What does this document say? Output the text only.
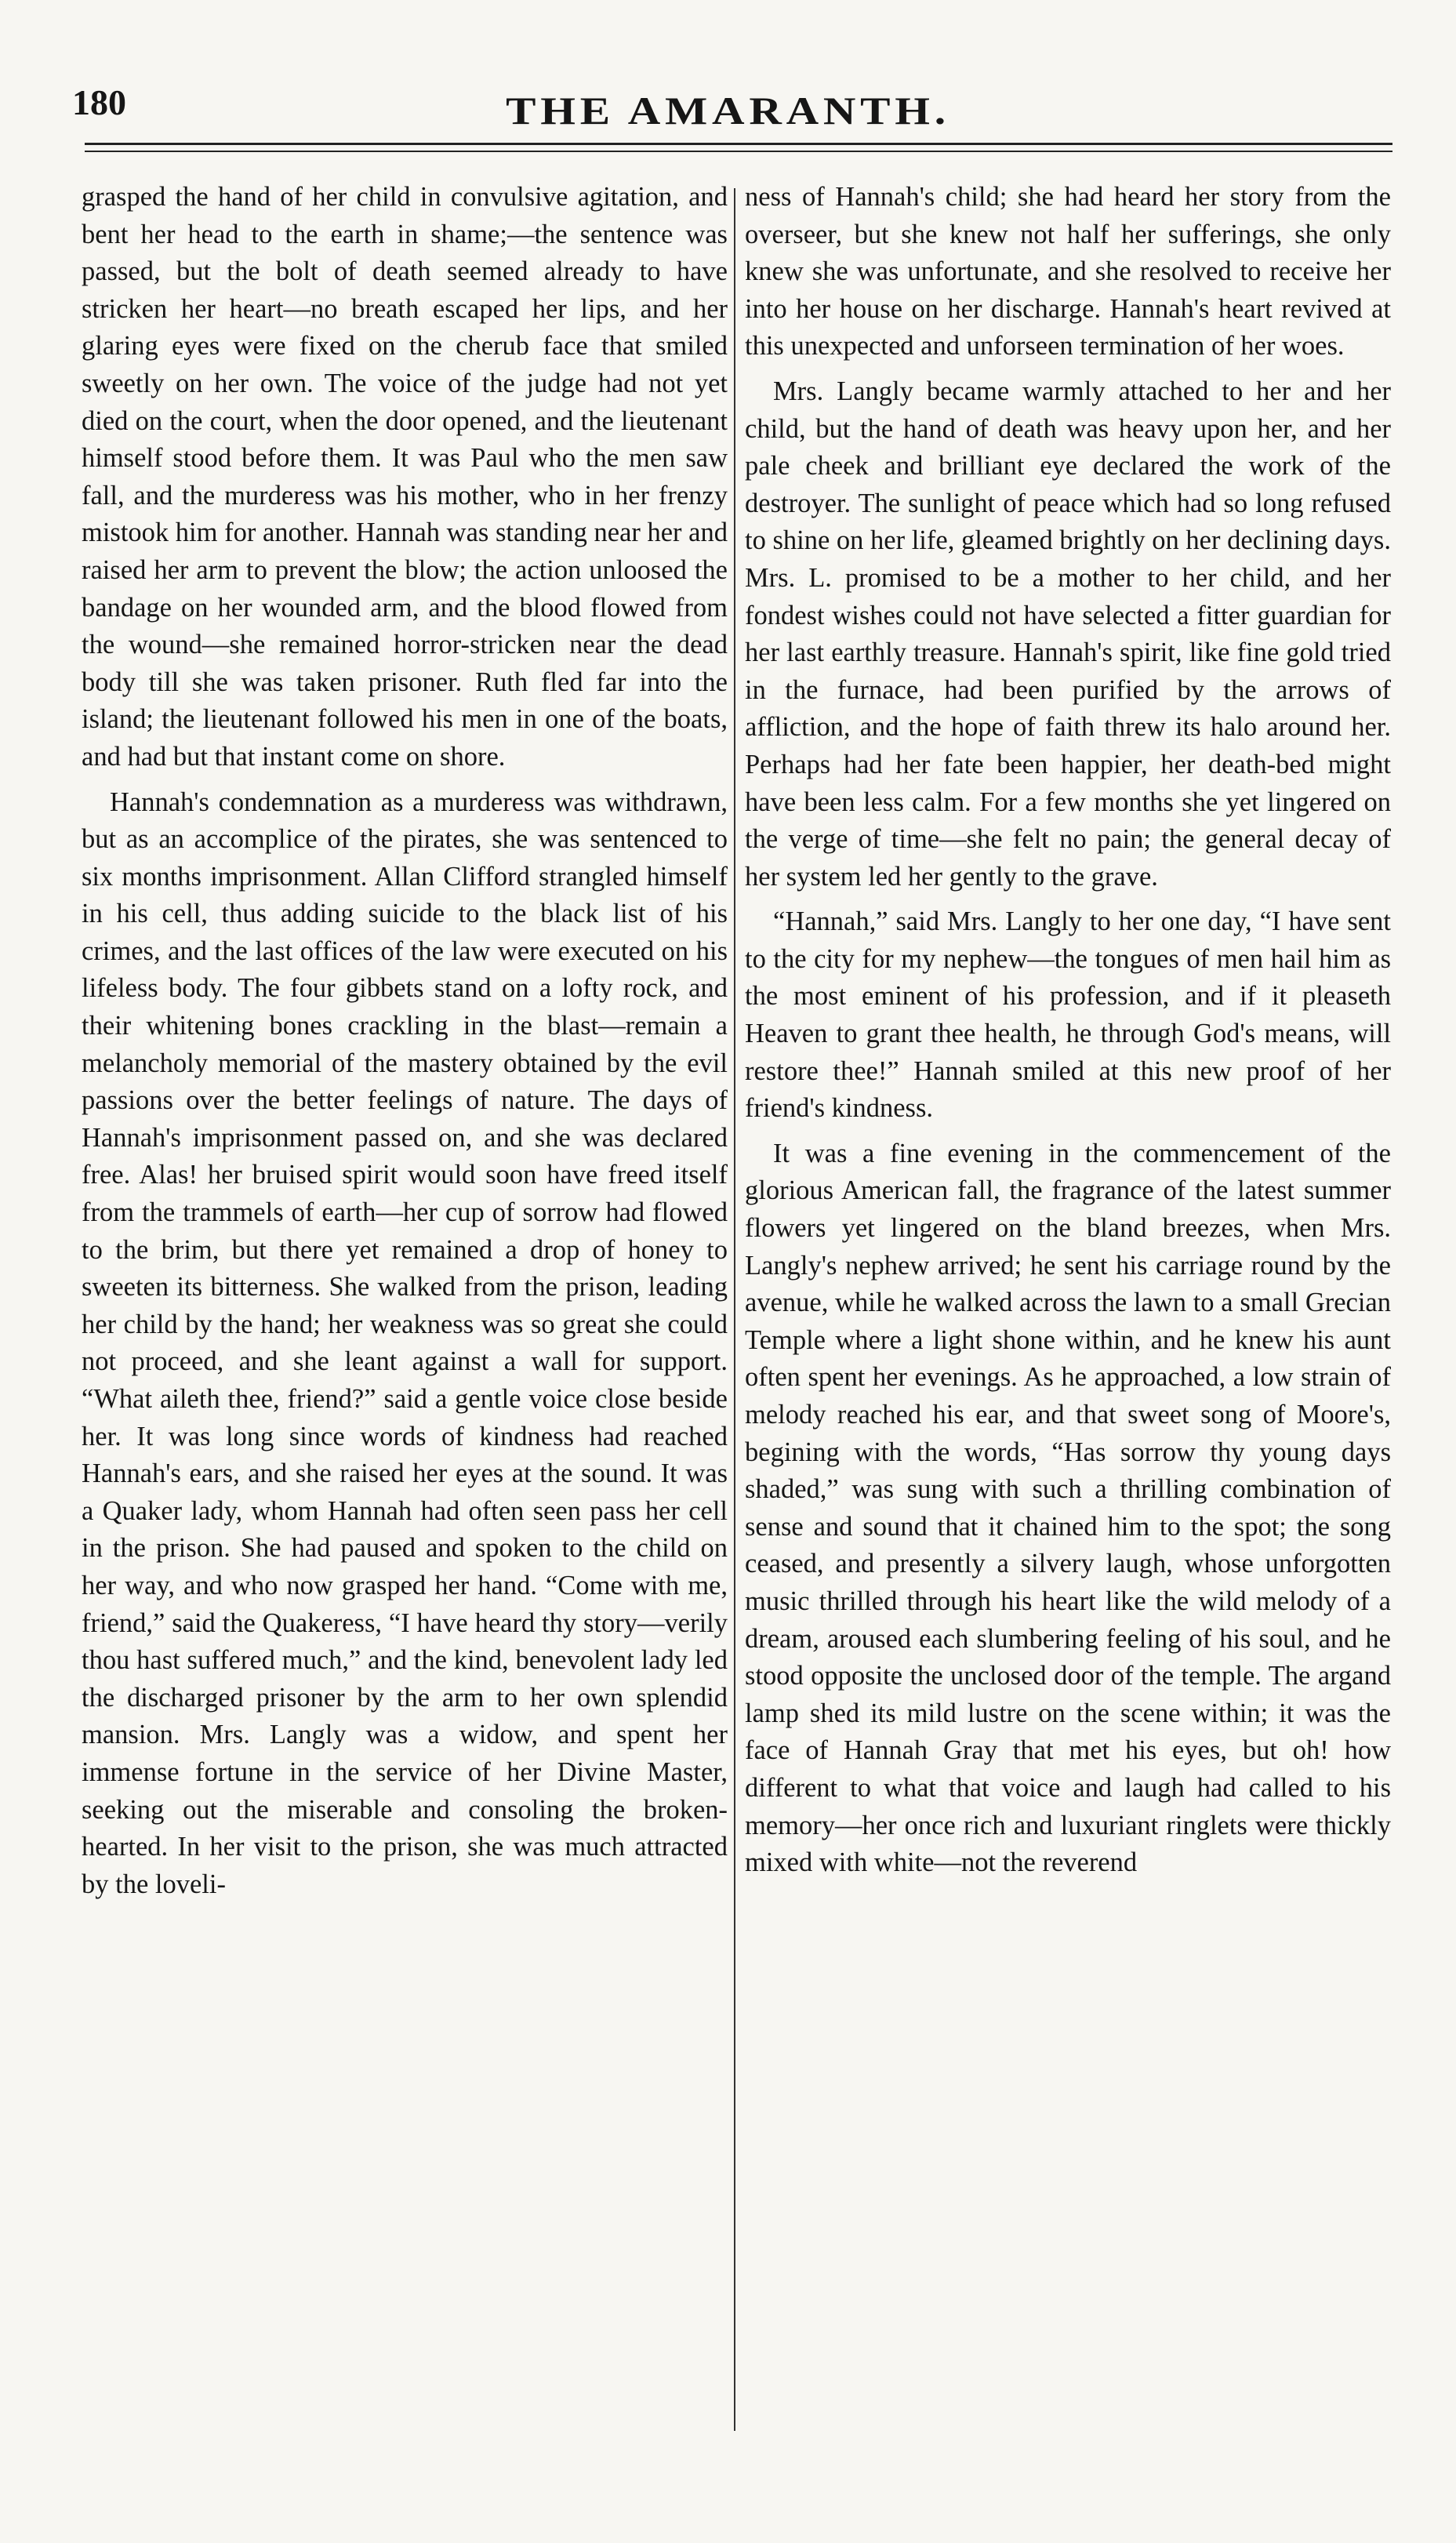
180	THE AMARANTH.

grasped the hand of her child in convulsive agitation, and bent her head to the earth in shame;—the sentence was passed, but the bolt of death seemed already to have stricken her heart—no breath escaped her lips, and her glaring eyes were fixed on the cherub face that smiled sweetly on her own. The voice of the judge had not yet died on the court, when the door opened, and the lieutenant himself stood before them. It was Paul who the men saw fall, and the murderess was his mother, who in her frenzy mistook him for another. Hannah was standing near her and raised her arm to prevent the blow; the action unloosed the bandage on her wounded arm, and the blood flowed from the wound—she remained horror-stricken near the dead body till she was taken prisoner. Ruth fled far into the island; the lieutenant followed his men in one of the boats, and had but that instant come on shore.

Hannah's condemnation as a murderess was withdrawn, but as an accomplice of the pirates, she was sentenced to six months imprisonment. Allan Clifford strangled himself in his cell, thus adding suicide to the black list of his crimes, and the last offices of the law were executed on his lifeless body. The four gibbets stand on a lofty rock, and their whitening bones crackling in the blast—remain a melancholy memorial of the mastery obtained by the evil passions over the better feelings of nature. The days of Hannah's imprisonment passed on, and she was declared free. Alas! her bruised spirit would soon have freed itself from the trammels of earth—her cup of sorrow had flowed to the brim, but there yet remained a drop of honey to sweeten its bitterness. She walked from the prison, leading her child by the hand; her weakness was so great she could not proceed, and she leant against a wall for support. “What aileth thee, friend?” said a gentle voice close beside her. It was long since words of kindness had reached Hannah's ears, and she raised her eyes at the sound. It was a Quaker lady, whom Hannah had often seen pass her cell in the prison. She had paused and spoken to the child on her way, and who now grasped her hand. “Come with me, friend,” said the Quakeress, “I have heard thy story—verily thou hast suffered much,” and the kind, benevolent lady led the discharged prisoner by the arm to her own splendid mansion. Mrs. Langly was a widow, and spent her immense fortune in the service of her Divine Master, seeking out the miserable and consoling the broken-hearted. In her visit to the prison, she was much attracted by the loveli-

ness of Hannah's child; she had heard her story from the overseer, but she knew not half her sufferings, she only knew she was unfortunate, and she resolved to receive her into her house on her discharge. Hannah's heart revived at this unexpected and unforseen termination of her woes.

Mrs. Langly became warmly attached to her and her child, but the hand of death was heavy upon her, and her pale cheek and brilliant eye declared the work of the destroyer. The sunlight of peace which had so long refused to shine on her life, gleamed brightly on her declining days. Mrs. L. promised to be a mother to her child, and her fondest wishes could not have selected a fitter guardian for her last earthly treasure. Hannah's spirit, like fine gold tried in the furnace, had been purified by the arrows of affliction, and the hope of faith threw its halo around her. Perhaps had her fate been happier, her death-bed might have been less calm. For a few months she yet lingered on the verge of time—she felt no pain; the general decay of her system led her gently to the grave.

“Hannah,” said Mrs. Langly to her one day, “I have sent to the city for my nephew—the tongues of men hail him as the most eminent of his profession, and if it pleaseth Heaven to grant thee health, he through God's means, will restore thee!” Hannah smiled at this new proof of her friend's kindness.

It was a fine evening in the commencement of the glorious American fall, the fragrance of the latest summer flowers yet lingered on the bland breezes, when Mrs. Langly's nephew arrived; he sent his carriage round by the avenue, while he walked across the lawn to a small Grecian Temple where a light shone within, and he knew his aunt often spent her evenings. As he approached, a low strain of melody reached his ear, and that sweet song of Moore's, begining with the words, “Has sorrow thy young days shaded,” was sung with such a thrilling combination of sense and sound that it chained him to the spot; the song ceased, and presently a silvery laugh, whose unforgotten music thrilled through his heart like the wild melody of a dream, aroused each slumbering feeling of his soul, and he stood opposite the unclosed door of the temple. The argand lamp shed its mild lustre on the scene within; it was the face of Hannah Gray that met his eyes, but oh! how different to what that voice and laugh had called to his memory—her once rich and luxuriant ringlets were thickly mixed with white—not the reverend
